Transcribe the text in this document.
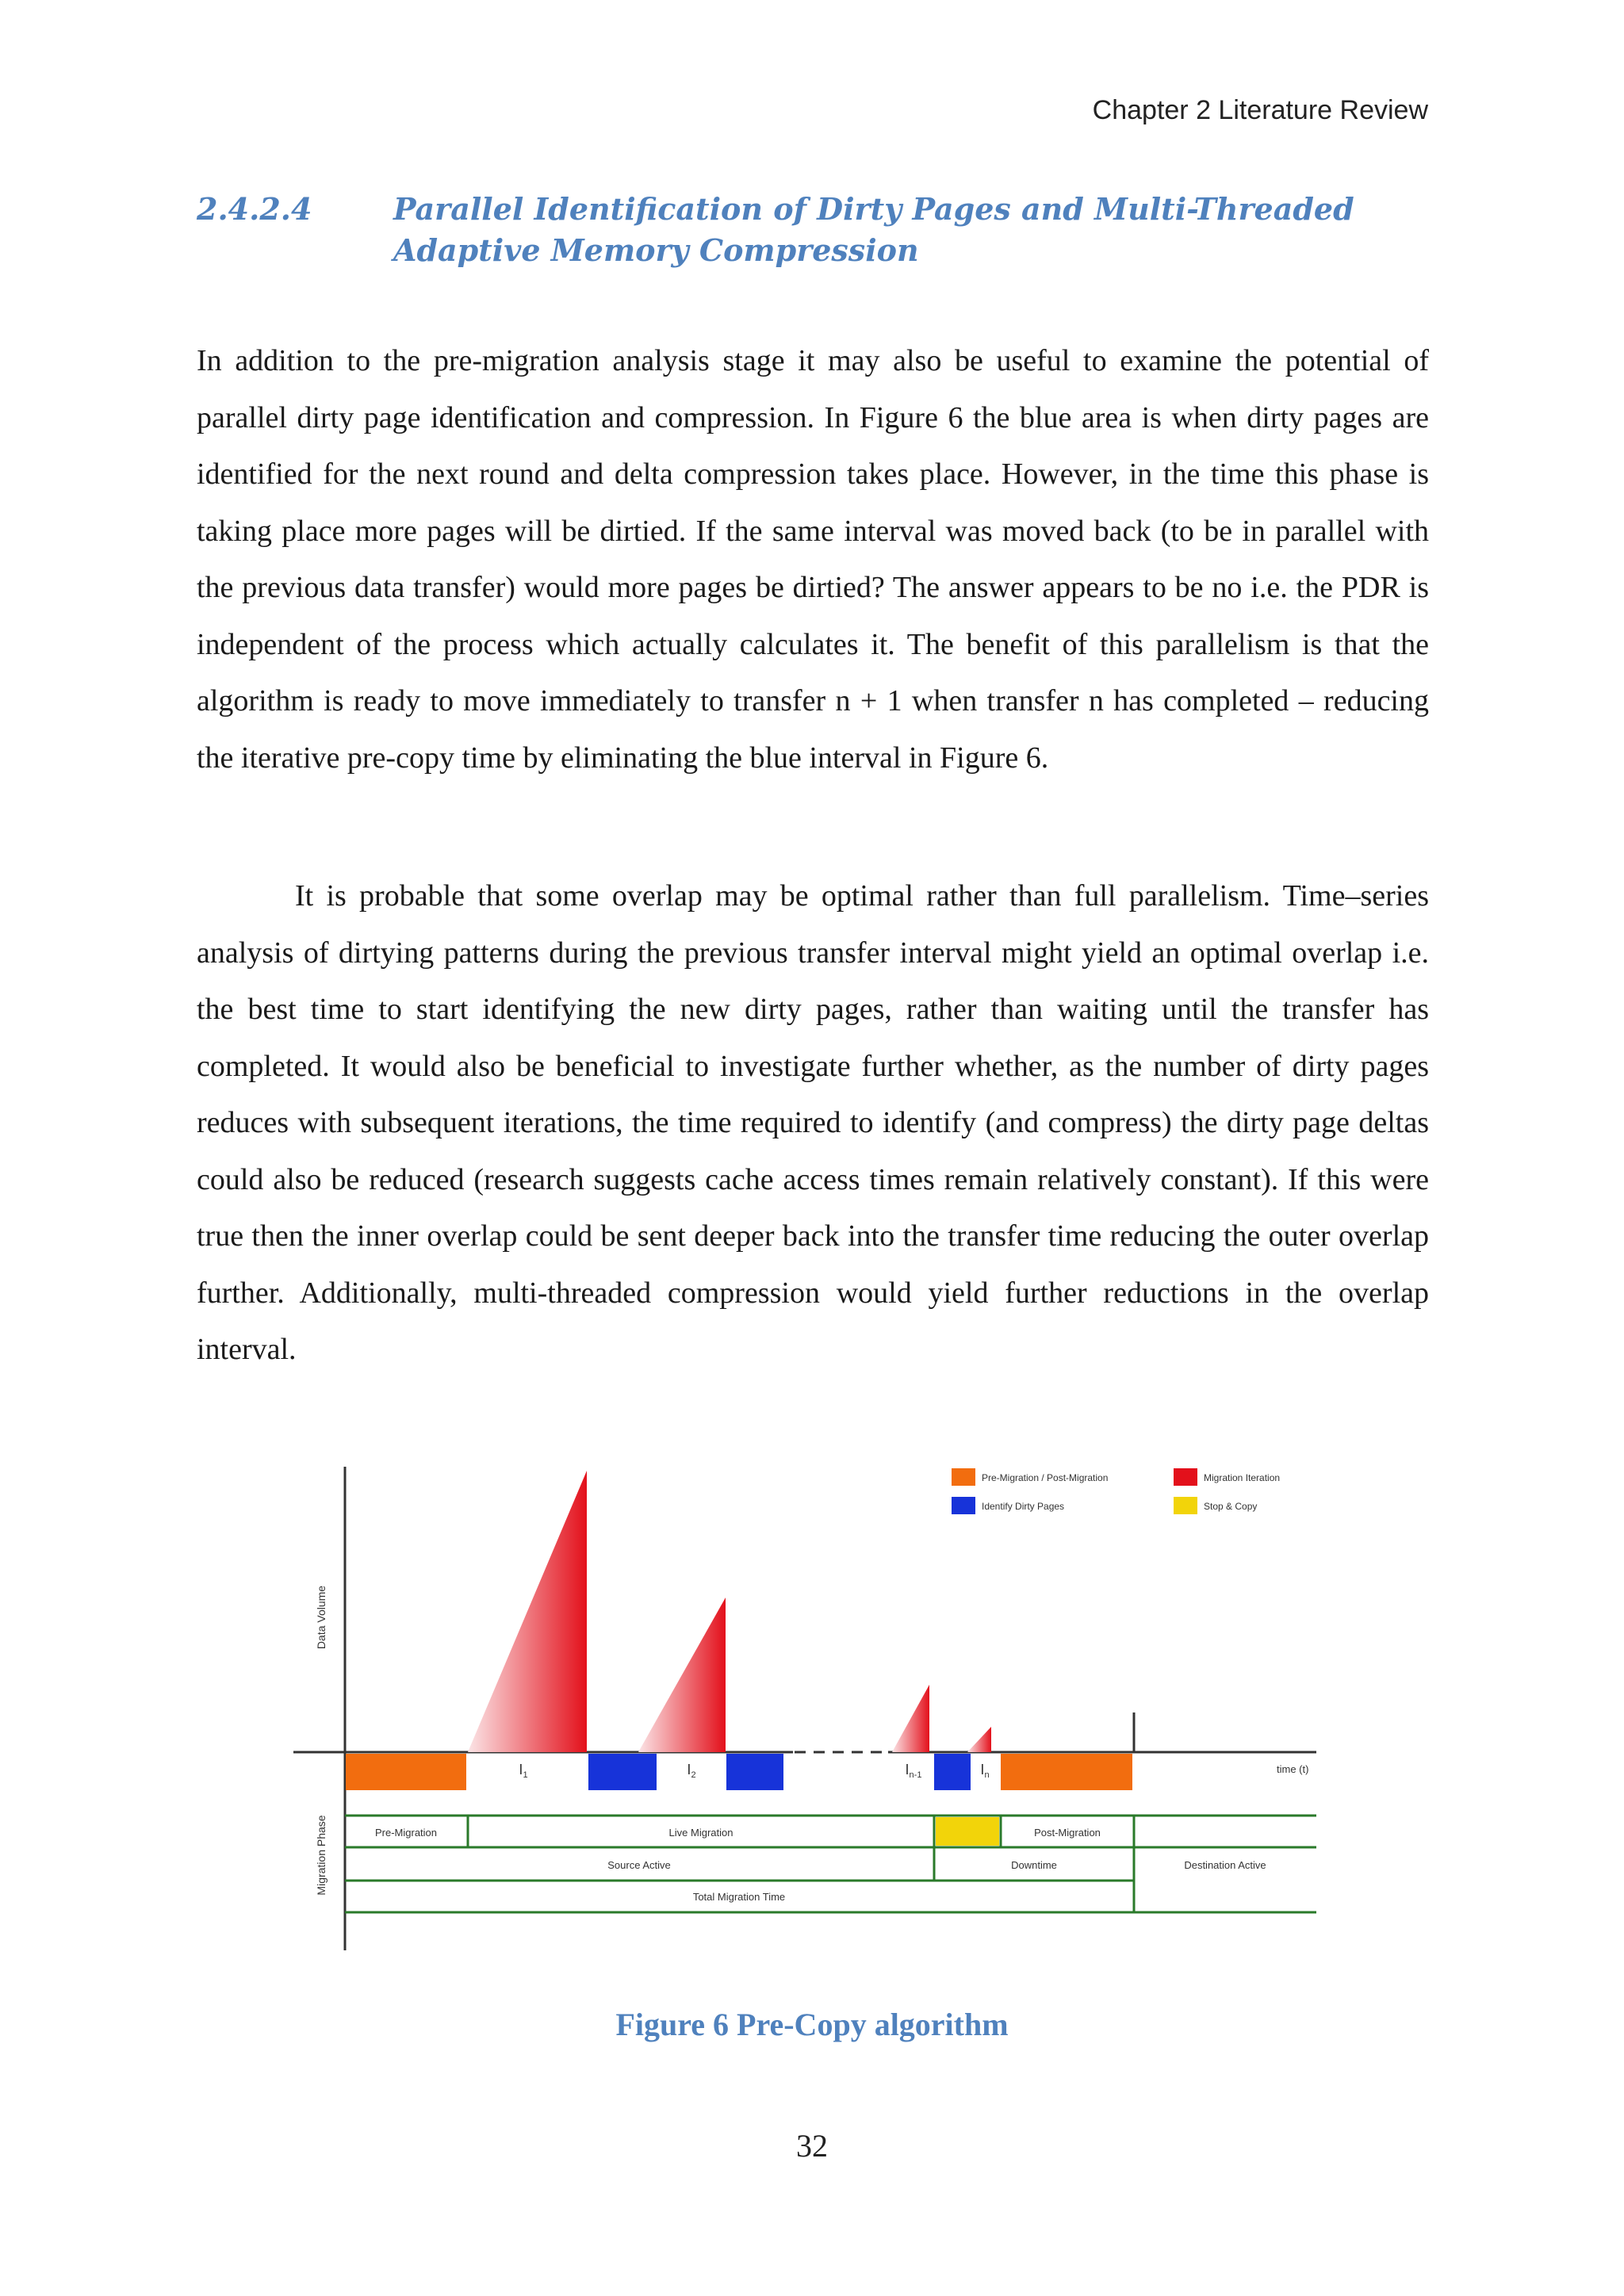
Chapter 2 Literature Review
2.4.2.4	Parallel Identification of Dirty Pages and Multi-Threaded Adaptive Memory Compression

In addition to the pre-migration analysis stage it may also be useful to examine the potential of parallel dirty page identification and compression. In Figure 6 the blue area is when dirty pages are identified for the next round and delta compression takes place. However, in the time this phase is taking place more pages will be dirtied. If the same interval was moved back (to be in parallel with the previous data transfer) would more pages be dirtied? The answer appears to be no i.e. the PDR is independent of the process which actually calculates it. The benefit of this parallelism is that the algorithm is ready to move immediately to transfer n + 1 when transfer n has completed – reducing the iterative pre-copy time by eliminating the blue interval in Figure 6.

It is probable that some overlap may be optimal rather than full parallelism. Time–series analysis of dirtying patterns during the previous transfer interval might yield an optimal overlap i.e. the best time to start identifying the new dirty pages, rather than waiting until the transfer has completed. It would also be beneficial to investigate further whether, as the number of dirty pages reduces with subsequent iterations, the time required to identify (and compress) the dirty page deltas could also be reduced (research suggests cache access times remain relatively constant). If this were true then the inner overlap could be sent deeper back into the transfer time reducing the outer overlap further. Additionally, multi-threaded compression would yield further reductions in the overlap interval.

Data Volume
time (t)
Migration Phase
$I_1$	$I_2$	$I_{n-1}$	$I_n$
Pre-Migration / Post-Migration	Migration Iteration
Identify Dirty Pages	Stop & Copy
Pre-Migration	Live Migration	Post-Migration
Source Active	Downtime	Destination Active
Total Migration Time
Figure 6 Pre-Copy algorithm
32
